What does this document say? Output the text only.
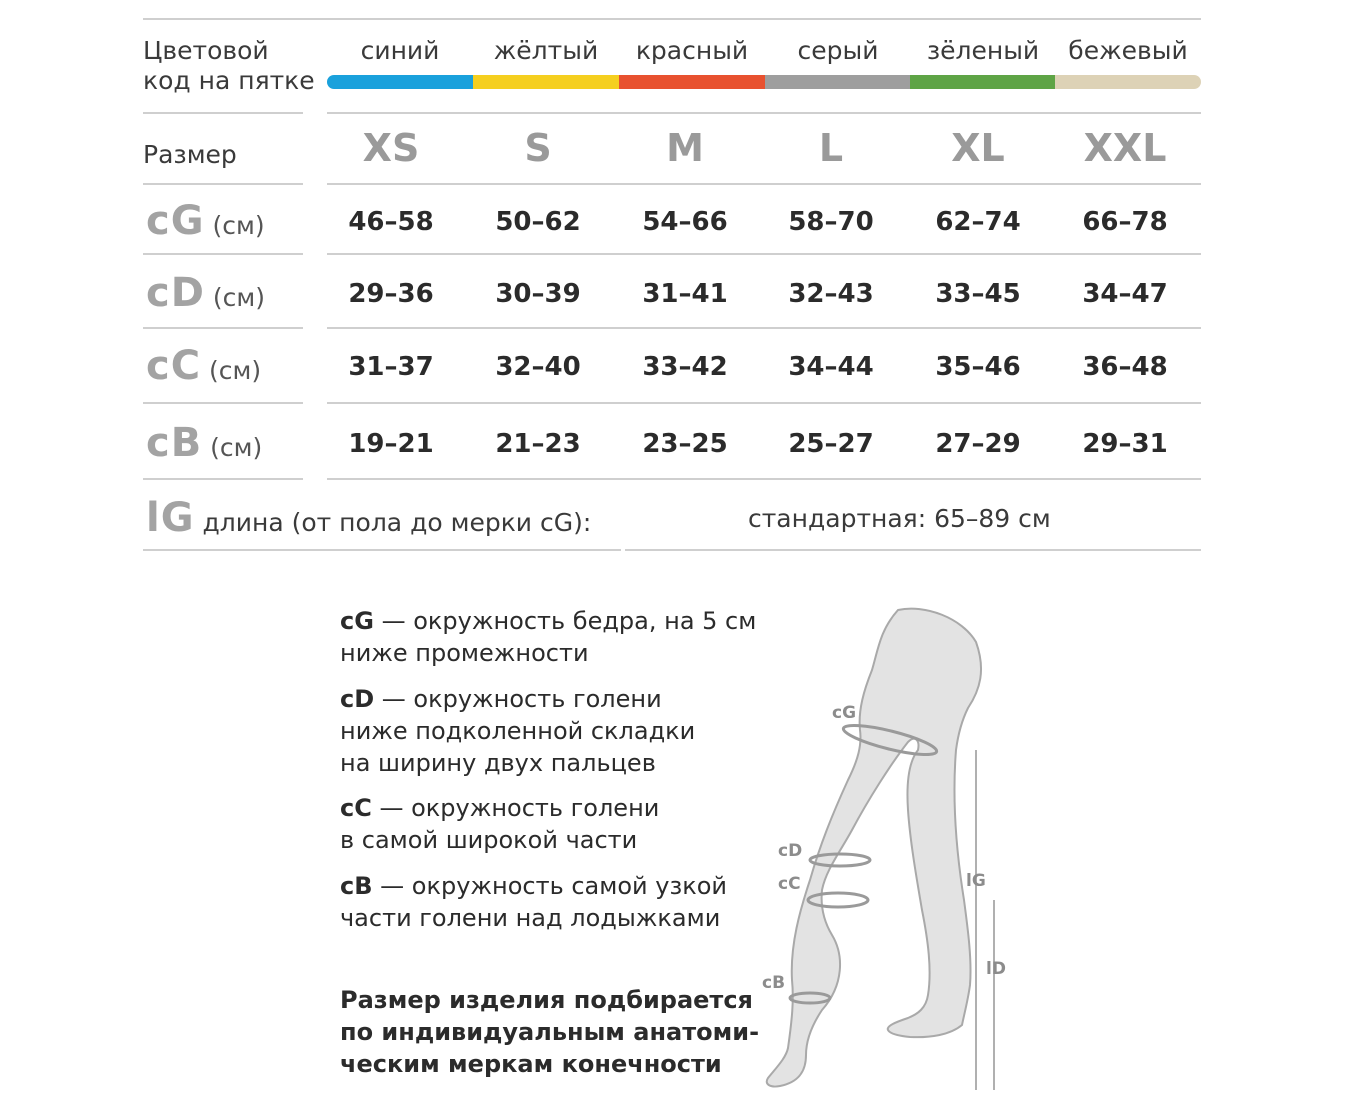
Цветовой
код на пятке
синий	жёлтый	красный	серый	зёленый	бежевый
Размер	XS	S	M	L	XL	XXL
cG (см)	46–58	50–62	54–66	58–70	62–74	66–78
cD (см)	29–36	30–39	31–41	32–43	33–45	34–47
cC (см)	31–37	32–40	33–42	34–44	35–46	36–48
cB (см)	19–21	21–23	23–25	25–27	27–29	29–31
lG длина (от пола до мерки cG):	стандартная: 65–89 см

cG — окружность бедра, на 5 см

ниже промежности

cD — окружность голени

ниже подколенной складки

на ширину двух пальцев

cC — окружность голени

в самой широкой части

cB — окружность самой узкой

части голени над лодыжками

Размер изделия подбирается
по индивидуальным анатоми-
ческим меркам конечности
cG
cD
cC
cB
lG
lD
